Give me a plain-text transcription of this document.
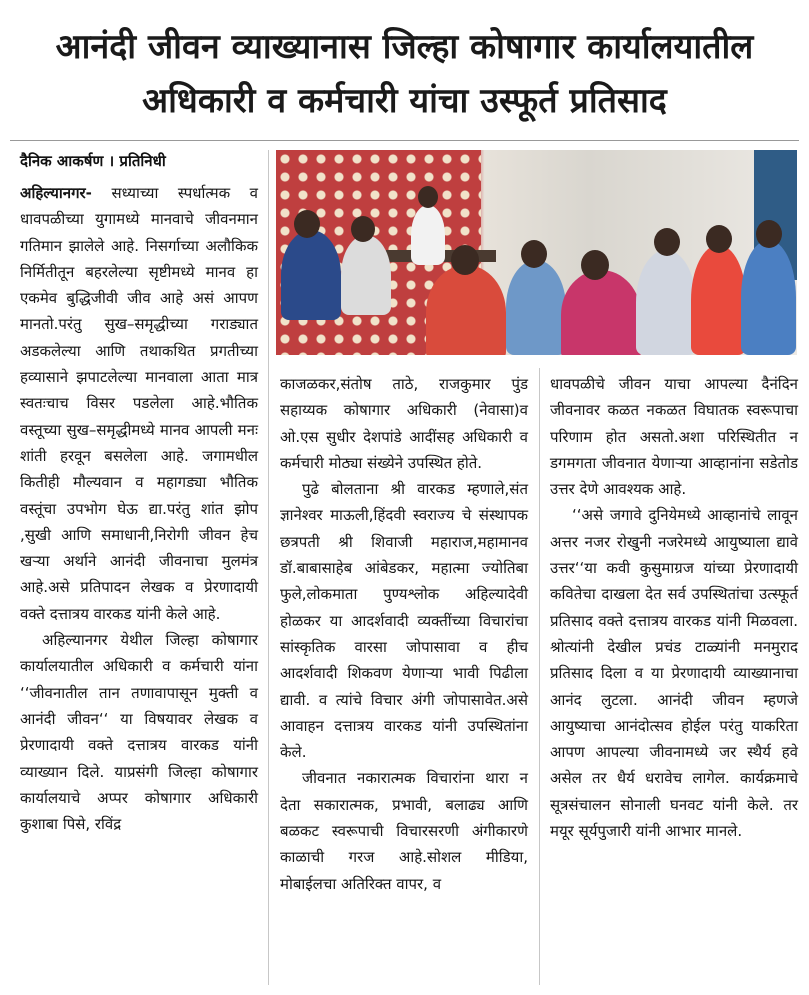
आनंदी जीवन व्याख्यानास जिल्हा कोषागार कार्यालयातील
अधिकारी व कर्मचारी यांचा उस्फूर्त प्रतिसाद
दैनिक आकर्षण । प्रतिनिधी

अहिल्यानगर- सध्याच्या स्पर्धात्मक व धावपळीच्या युगामध्ये मानवाचे जीवनमान गतिमान झालेले आहे. निसर्गाच्या अलौकिक निर्मितीतून बहरलेल्या सृष्टीमध्ये मानव हा एकमेव बुद्धिजीवी जीव आहे असं आपण मानतो.परंतु सुख–समृद्धीच्या गराड्यात अडकलेल्या आणि तथाकथित प्रगतीच्या हव्यासाने झपाटलेल्या मानवाला आता मात्र स्वतःचाच विसर पडलेला आहे.भौतिक वस्तूच्या सुख–समृद्धीमध्ये मानव आपली मनः शांती हरवून बसलेला आहे. जगामधील कितीही मौल्यवान व महागड्या भौतिक वस्तूंचा उपभोग घेऊ द्या.परंतु शांत झोप ,सुखी आणि समाधानी,निरोगी जीवन हेच खऱ्या अर्थाने आनंदी जीवनाचा मुलमंत्र आहे.असे प्रतिपादन लेखक व प्रेरणादायी वक्ते दत्तात्रय वारकड यांनी केले आहे.

अहिल्यानगर येथील जिल्हा कोषागार कार्यालयातील अधिकारी व कर्मचारी यांना ‘‘जीवनातील तान तणावापासून मुक्ती व आनंदी जीवन‘‘ या विषयावर लेखक व प्रेरणादायी वक्ते दत्तात्रय वारकड यांनी व्याख्यान दिले. याप्रसंगी जिल्हा कोषागार कार्यालयाचे अप्पर कोषागार अधिकारी कुशाबा पिसे, रविंद्र

काजळकर,संतोष ताठे, राजकुमार पुंड सहाय्यक कोषागार अधिकारी (नेवासा)व ओ.एस सुधीर देशपांडे आदींसह अधिकारी व कर्मचारी मोठ्या संख्येने उपस्थित होते.

पुढे बोलताना श्री वारकड म्हणाले,संत ज्ञानेश्वर माऊली,हिंदवी स्वराज्य चे संस्थापक छत्रपती श्री शिवाजी महाराज,महामानव डॉ.बाबासाहेब आंबेडकर, महात्मा ज्योतिबा फुले,लोकमाता पुण्यश्लोक अहिल्यादेवी होळकर या आदर्शवादी व्यक्तींच्या विचारांचा सांस्कृतिक वारसा जोपासावा व हीच आदर्शवादी शिकवण येणाऱ्या भावी पिढीला द्यावी. व त्यांचे विचार अंगी जोपासावेत.असे आवाहन दत्तात्रय वारकड यांनी उपस्थितांना केले.

जीवनात नकारात्मक विचारांना थारा न देता सकारात्मक, प्रभावी, बलाढ्य आणि बळकट स्वरूपाची विचारसरणी अंगीकारणे काळाची गरज आहे.सोशल मीडिया, मोबाईलचा अतिरिक्त वापर, व

धावपळीचे जीवन याचा आपल्या दैनंदिन जीवनावर कळत नकळत विघातक स्वरूपाचा परिणाम होत असतो.अशा परिस्थितीत न डगमगता जीवनात येणाऱ्या आव्हानांना सडेतोड उत्तर देणे आवश्यक आहे.

‘‘असे जगावे दुनियेमध्ये आव्हानांचे लावून अत्तर नजर रोखुनी नजरेमध्ये आयुष्याला द्यावे उत्तर‘‘या कवी कुसुमाग्रज यांच्या प्रेरणादायी कवितेचा दाखला देत सर्व उपस्थितांचा उत्स्फूर्त प्रतिसाद वक्ते दत्तात्रय वारकड यांनी मिळवला. श्रोत्यांनी देखील प्रचंड टाळ्यांनी मनमुराद प्रतिसाद दिला व या प्रेरणादायी व्याख्यानाचा आनंद लुटला. आनंदी जीवन म्हणजे आयुष्याचा आनंदोत्सव होईल परंतु याकरिता आपण आपल्या जीवनामध्ये जर स्थैर्य हवे असेल तर धैर्य धरावेच लागेल. कार्यक्रमाचे सूत्रसंचालन सोनाली घनवट यांनी केले. तर मयूर सूर्यपुजारी यांनी आभार मानले.
